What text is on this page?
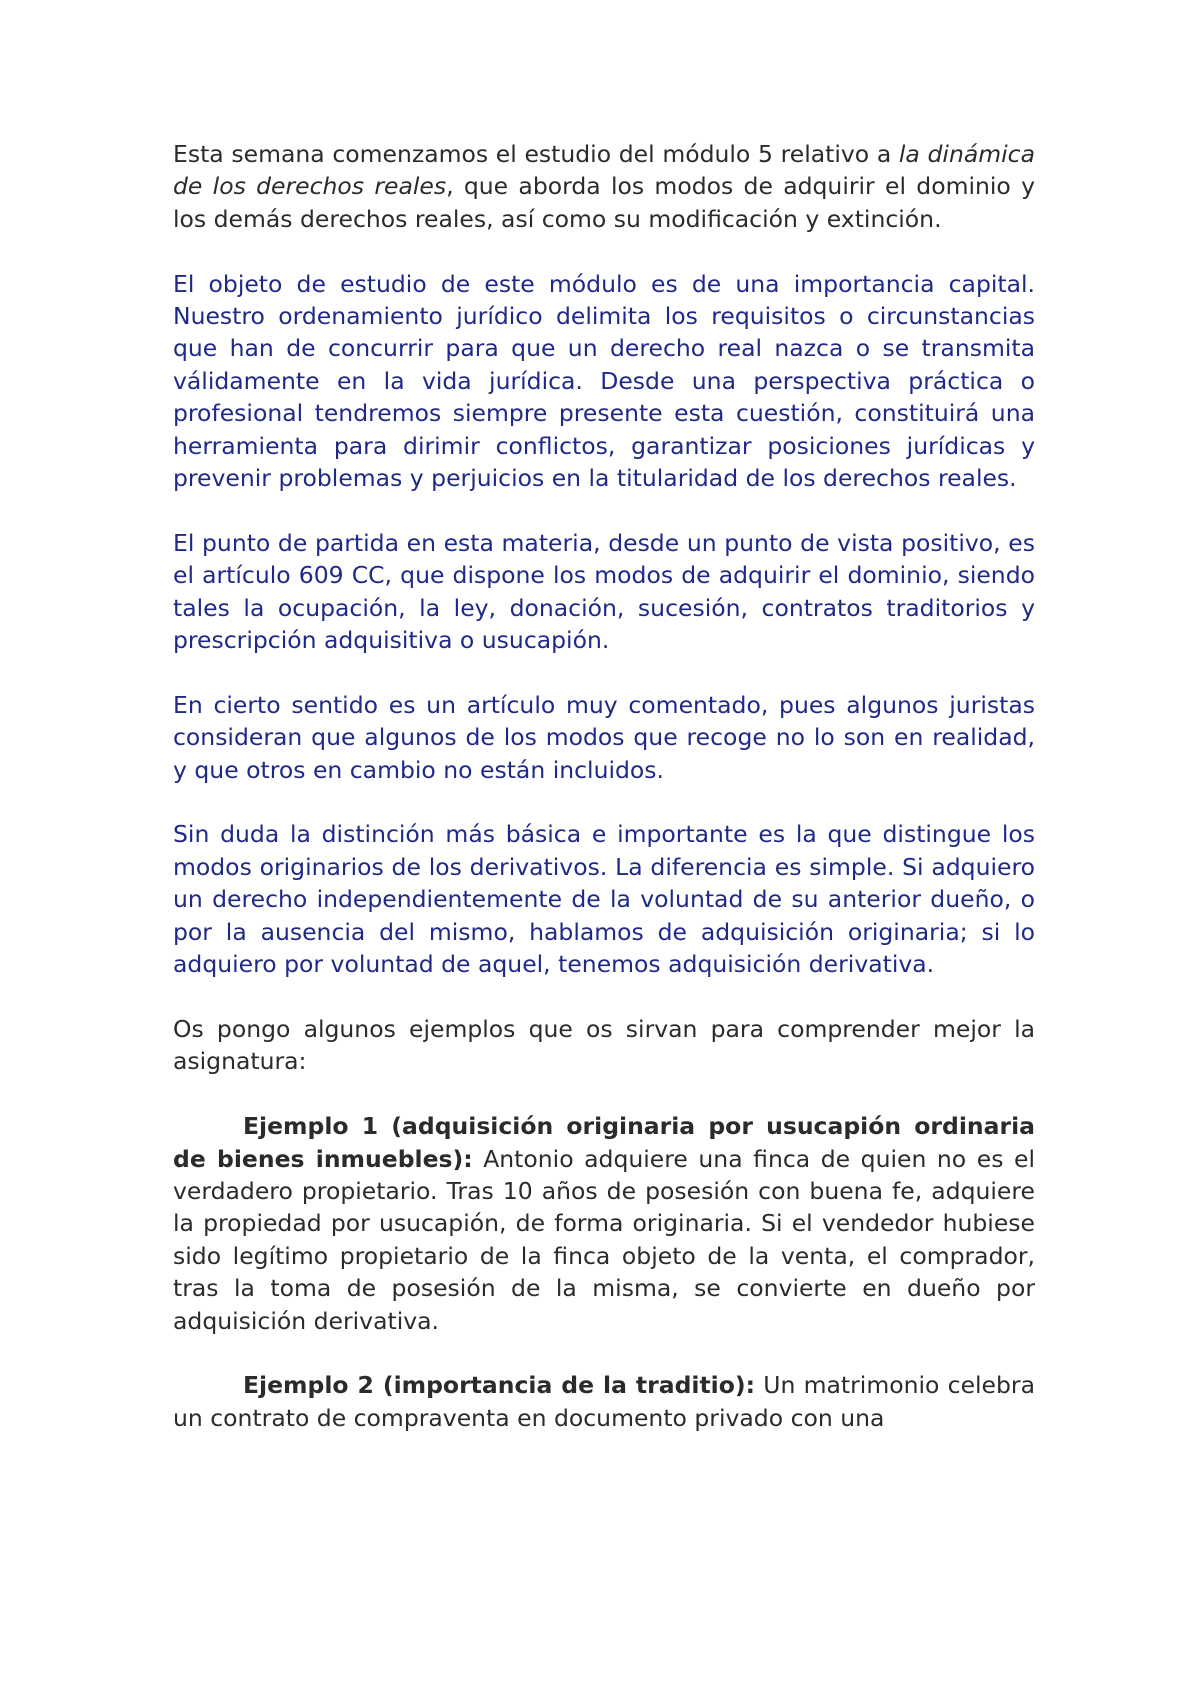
Esta semana comenzamos el estudio del módulo 5 relativo a la dinámica de los derechos reales, que aborda los modos de adquirir el dominio y los demás derechos reales, así como su modificación y extinción.

El objeto de estudio de este módulo es de una importancia capital. Nuestro ordenamiento jurídico delimita los requisitos o circunstancias que han de concurrir para que un derecho real nazca o se transmita válidamente en la vida jurídica. Desde una perspectiva práctica o profesional tendremos siempre presente esta cuestión, constituirá una herramienta para dirimir conflictos, garantizar posiciones jurídicas y prevenir problemas y perjuicios en la titularidad de los derechos reales.

El punto de partida en esta materia, desde un punto de vista positivo, es el artículo 609 CC, que dispone los modos de adquirir el dominio, siendo tales la ocupación, la ley, donación, sucesión, contratos traditorios y prescripción adquisitiva o usucapión.

En cierto sentido es un artículo muy comentado, pues algunos juristas consideran que algunos de los modos que recoge no lo son en realidad, y que otros en cambio no están incluidos.

Sin duda la distinción más básica e importante es la que distingue los modos originarios de los derivativos. La diferencia es simple. Si adquiero un derecho independientemente de la voluntad de su anterior dueño, o por la ausencia del mismo, hablamos de adquisición originaria; si lo adquiero por voluntad de aquel, tenemos adquisición derivativa.

Os pongo algunos ejemplos que os sirvan para comprender mejor la asignatura:

Ejemplo 1 (adquisición originaria por usucapión ordinaria de bienes inmuebles): Antonio adquiere una finca de quien no es el verdadero propietario. Tras 10 años de posesión con buena fe, adquiere la propiedad por usucapión, de forma originaria. Si el vendedor hubiese sido legítimo propietario de la finca objeto de la venta, el comprador, tras la toma de posesión de la misma, se convierte en dueño por adquisición derivativa.

Ejemplo 2 (importancia de la traditio): Un matrimonio celebra un contrato de compraventa en documento privado con una
